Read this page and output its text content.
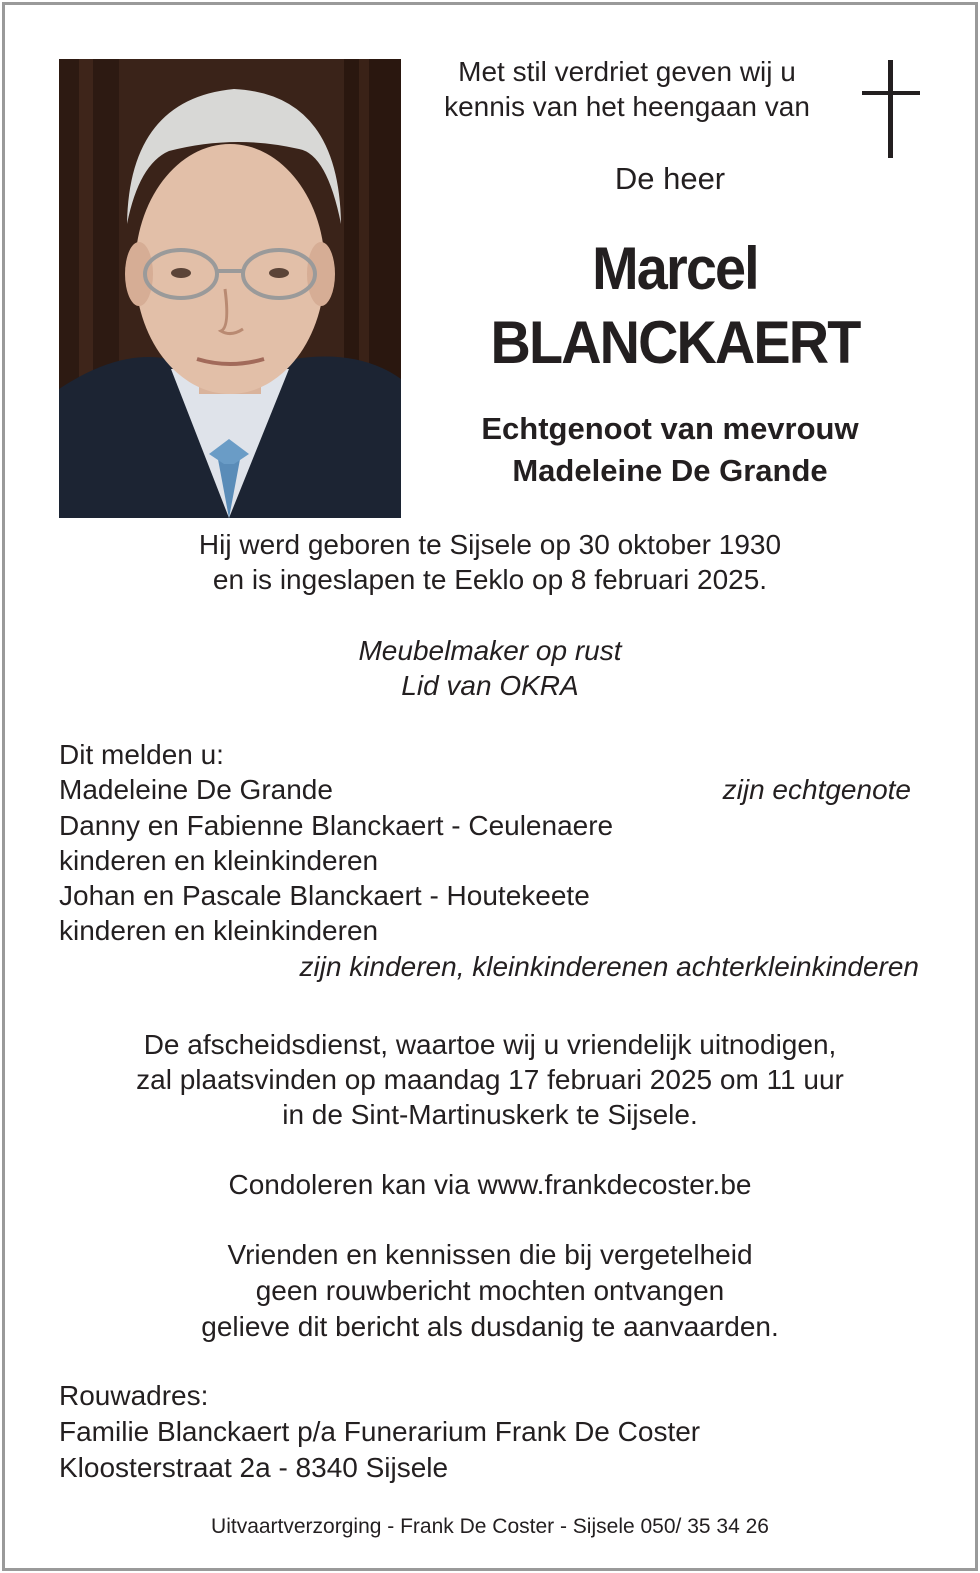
Met stil verdriet geven wij u
kennis van het heengaan van
De heer
Marcel
BLANCKAERT
Echtgenoot van mevrouw
Madeleine De Grande
Hij werd geboren te Sijsele op 30 oktober 1930
en is ingeslapen te Eeklo op 8 februari 2025.
Meubelmaker op rust
Lid van OKRA
Dit melden u:
Madeleine De Grande	zijn echtgenote
Danny en Fabienne Blanckaert - Ceulenaere
kinderen en kleinkinderen
Johan en Pascale Blanckaert - Houtekeete
kinderen en kleinkinderen
zijn kinderen, kleinkinderenen achterkleinkinderen
De afscheidsdienst, waartoe wij u vriendelijk uitnodigen,
zal plaatsvinden op maandag 17 februari 2025 om 11 uur
in de Sint-Martinuskerk te Sijsele.
Condoleren kan via www.frankdecoster.be
Vrienden en kennissen die bij vergetelheid
geen rouwbericht mochten ontvangen
gelieve dit bericht als dusdanig te aanvaarden.
Rouwadres:
Familie Blanckaert p/a Funerarium Frank De Coster
Kloosterstraat 2a - 8340 Sijsele
Uitvaartverzorging - Frank De Coster - Sijsele 050/ 35 34 26
